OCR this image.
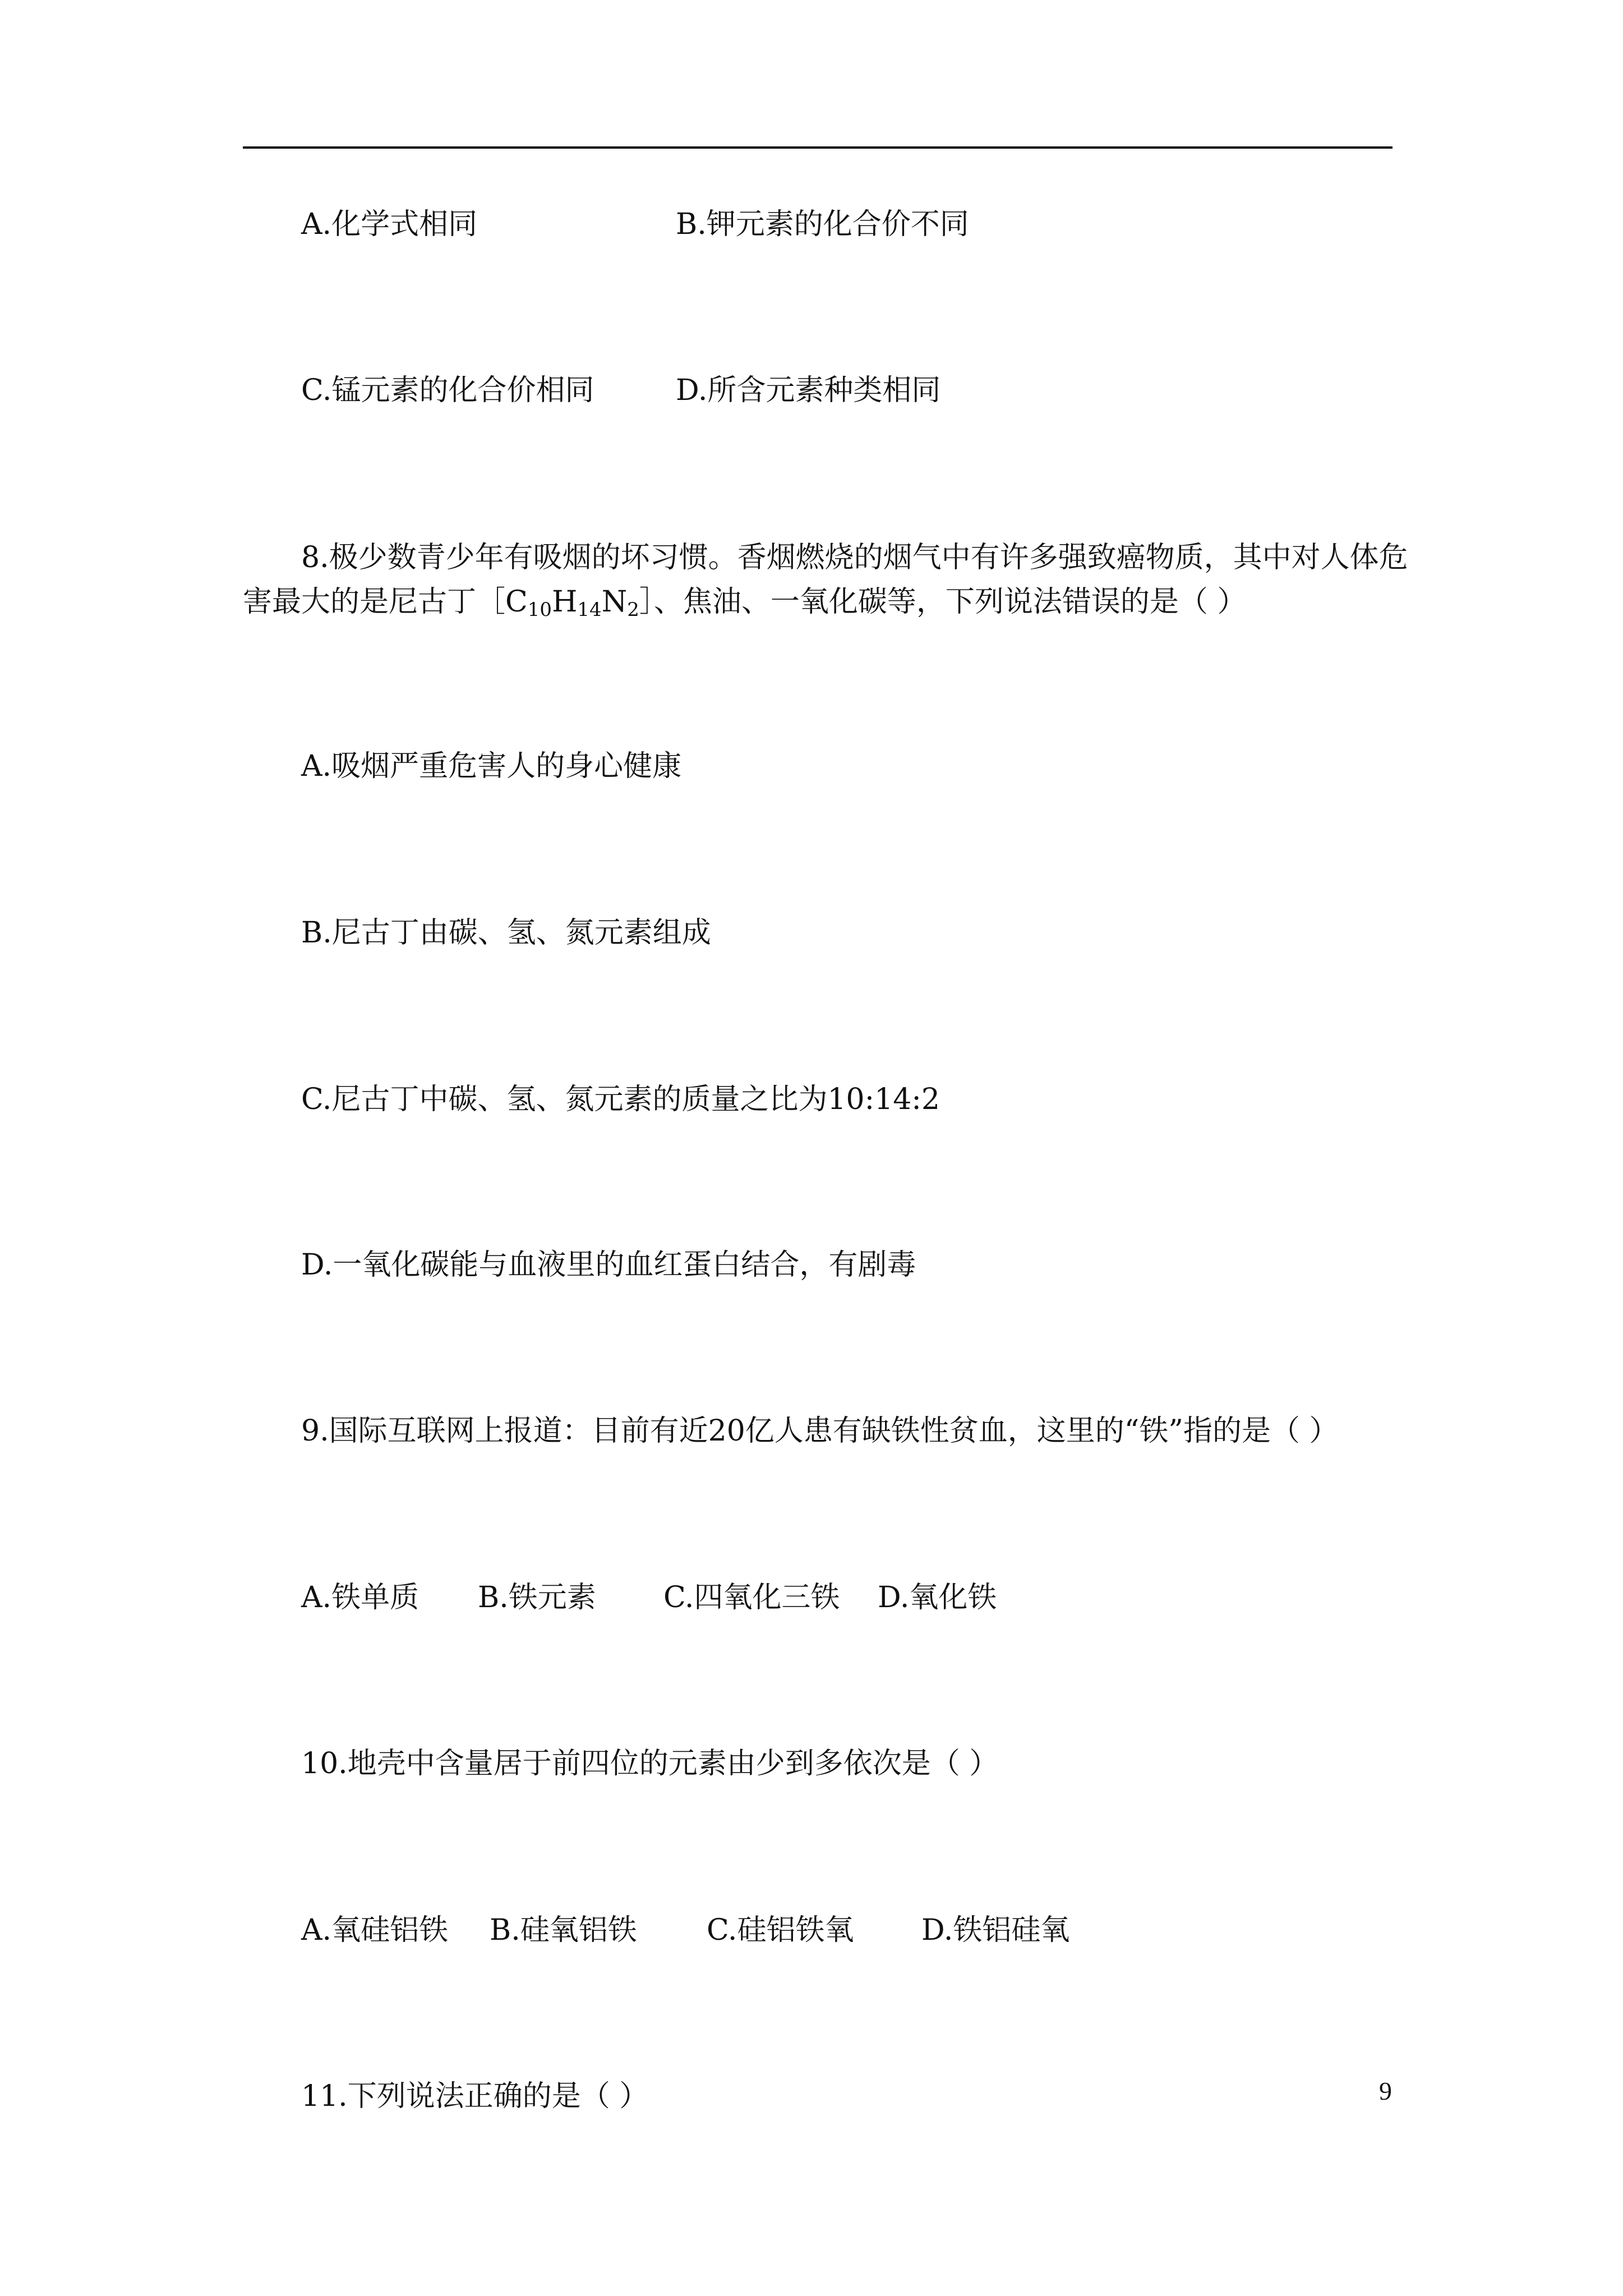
A.化学式相同	B.钾元素的化合价不同
C.锰元素的化合价相同	D.所含元素种类相同
8.极少数青少年有吸烟的坏习惯。香烟燃烧的烟气中有许多强致癌物质，其中对人体危
害最大的是尼古丁$[C_{10}H_{14}N_2]$、焦油、一氧化碳等，下列说法错误的是（ ）
A.吸烟严重危害人的身心健康
B.尼古丁由碳、氢、氮元素组成
C.尼古丁中碳、氢、氮元素的质量之比为10:14:2
D.一氧化碳能与血液里的血红蛋白结合，有剧毒
9.国际互联网上报道：目前有近20亿人患有缺铁性贫血，这里的“铁”指的是（ ）
A.铁单质 B.铁元素 C.四氧化三铁 D.氧化铁
10.地壳中含量居于前四位的元素由少到多依次是（ ）
A.氧硅铝铁 B.硅氧铝铁 C.硅铝铁氧 D.铁铝硅氧
11.下列说法正确的是（ ）	9
